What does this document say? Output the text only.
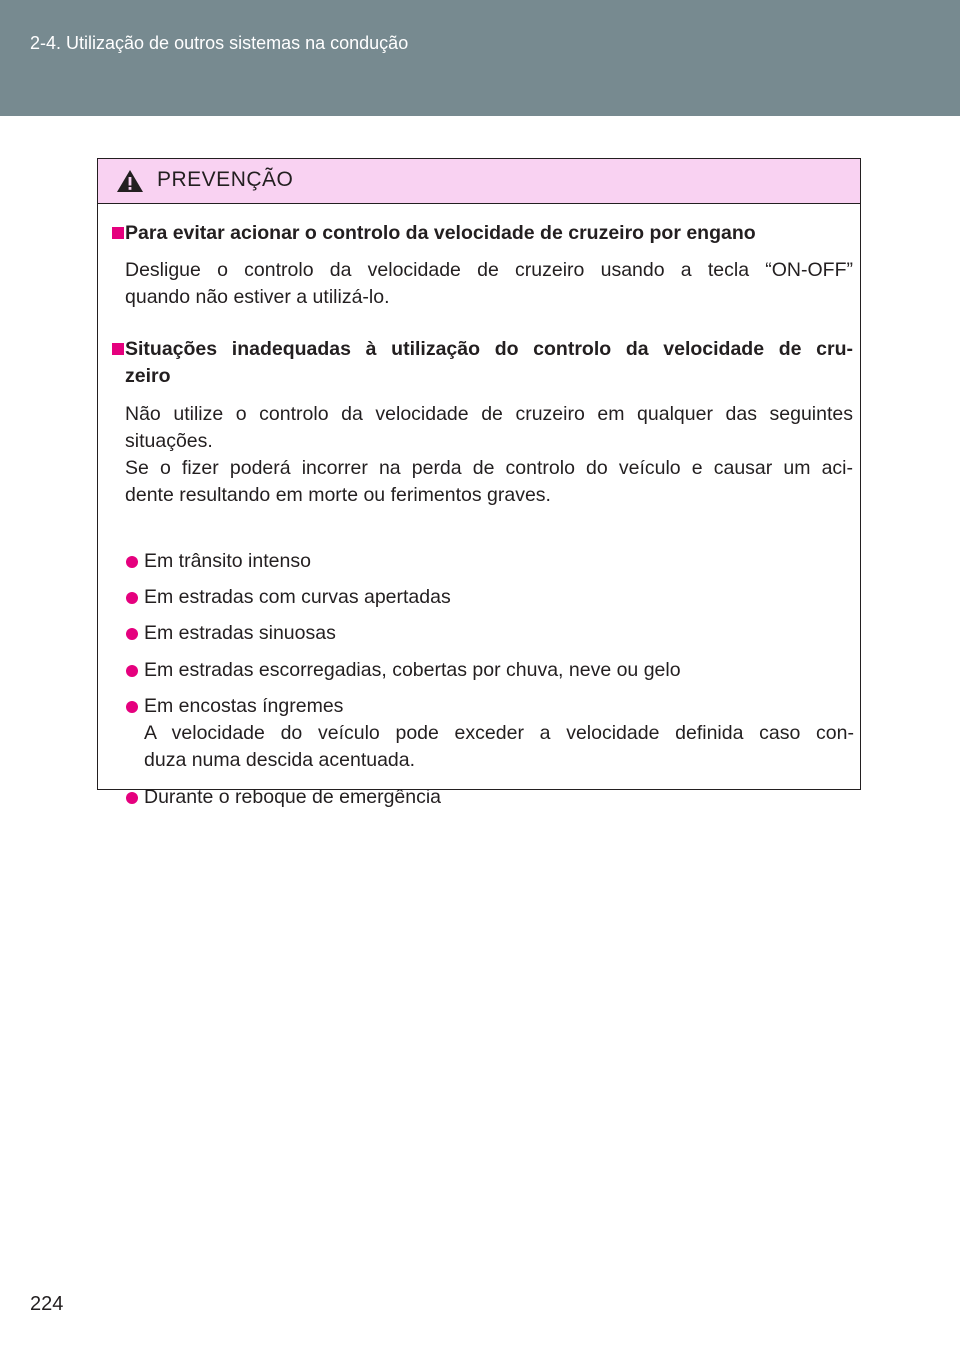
2-4. Utilização de outros sistemas na condução
PREVENÇÃO
Para evitar acionar o controlo da velocidade de cruzeiro por engano
Desligue o controlo da velocidade de cruzeiro usando a tecla “ON-OFF”
quando não estiver a utilizá-lo.
Situações inadequadas à utilização do controlo da velocidade de cru-
zeiro
Não utilize o controlo da velocidade de cruzeiro em qualquer das seguintes
situações.
Se o fizer poderá incorrer na perda de controlo do veículo e causar um aci-
dente resultando em morte ou ferimentos graves.
Em trânsito intenso
Em estradas com curvas apertadas
Em estradas sinuosas
Em estradas escorregadias, cobertas por chuva, neve ou gelo
Em encostas íngremes
A velocidade do veículo pode exceder a velocidade definida caso con-
duza numa descida acentuada.
Durante o reboque de emergência
224
